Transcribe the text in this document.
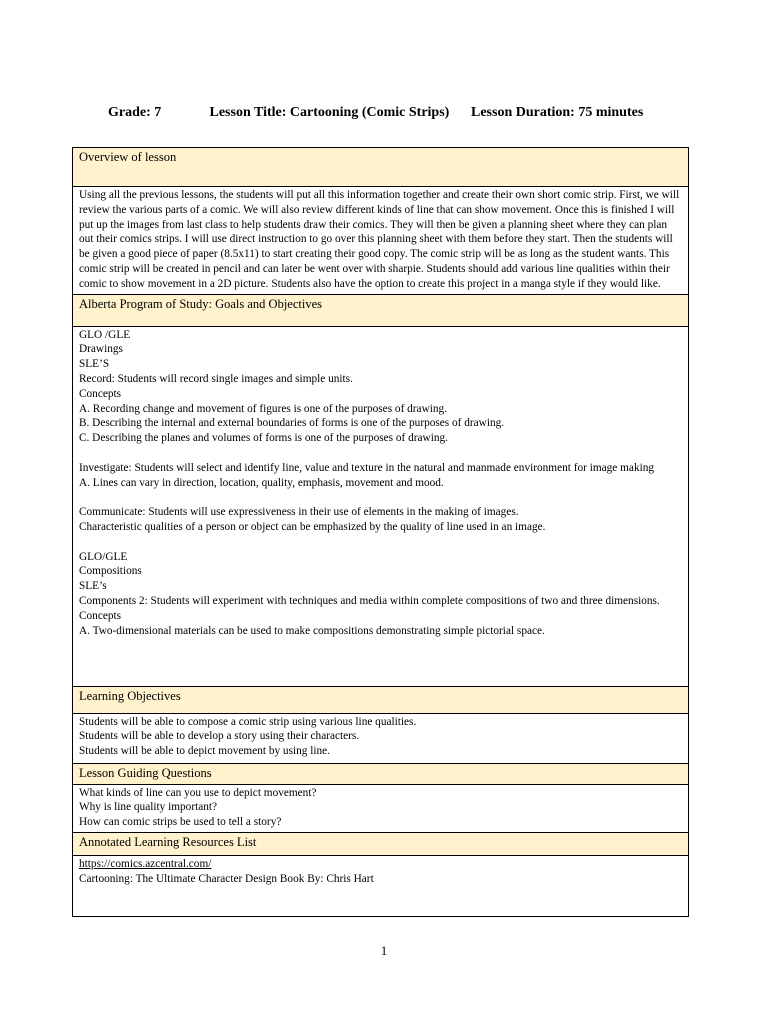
Grade: 7	Lesson Title: Cartooning (Comic Strips) Lesson Duration: 75 minutes
Overview of lesson

Using all the previous lessons, the students will put all this information together and create their own short comic strip. First, we will review the various parts of a comic. We will also review different kinds of line that can show movement. Once this is finished I will put up the images from last class to help students draw their comics. They will then be given a planning sheet where they can plan out their comics strips. I will use direct instruction to go over this planning sheet with them before they start. Then the students will be given a good piece of paper (8.5x11) to start creating their good copy. The comic strip will be as long as the student wants. This comic strip will be created in pencil and can later be went over with sharpie. Students should add various line qualities within their comic to show movement in a 2D picture. Students also have the option to create this project in a manga style if they would like.

Alberta Program of Study: Goals and Objectives

GLO /GLE
Drawings
SLE’S
Record: Students will record single images and simple units.
Concepts
A. Recording change and movement of figures is one of the purposes of drawing.
B. Describing the internal and external boundaries of forms is one of the purposes of drawing.
C. Describing the planes and volumes of forms is one of the purposes of drawing.
Investigate: Students will select and identify line, value and texture in the natural and manmade environment for image making
A. Lines can vary in direction, location, quality, emphasis, movement and mood.
Communicate: Students will use expressiveness in their use of elements in the making of images.
Characteristic qualities of a person or object can be emphasized by the quality of line used in an image.
GLO/GLE
Compositions
SLE’s
Components 2: Students will experiment with techniques and media within complete compositions of two and three dimensions.
Concepts
A. Two-dimensional materials can be used to make compositions demonstrating simple pictorial space.

Learning Objectives

Students will be able to compose a comic strip using various line qualities.
Students will be able to develop a story using their characters.
Students will be able to depict movement by using line.

Lesson Guiding Questions

What kinds of line can you use to depict movement?
Why is line quality important?
How can comic strips be used to tell a story?

Annotated Learning Resources List

https://comics.azcentral.com/
Cartooning: The Ultimate Character Design Book By: Chris Hart
1
